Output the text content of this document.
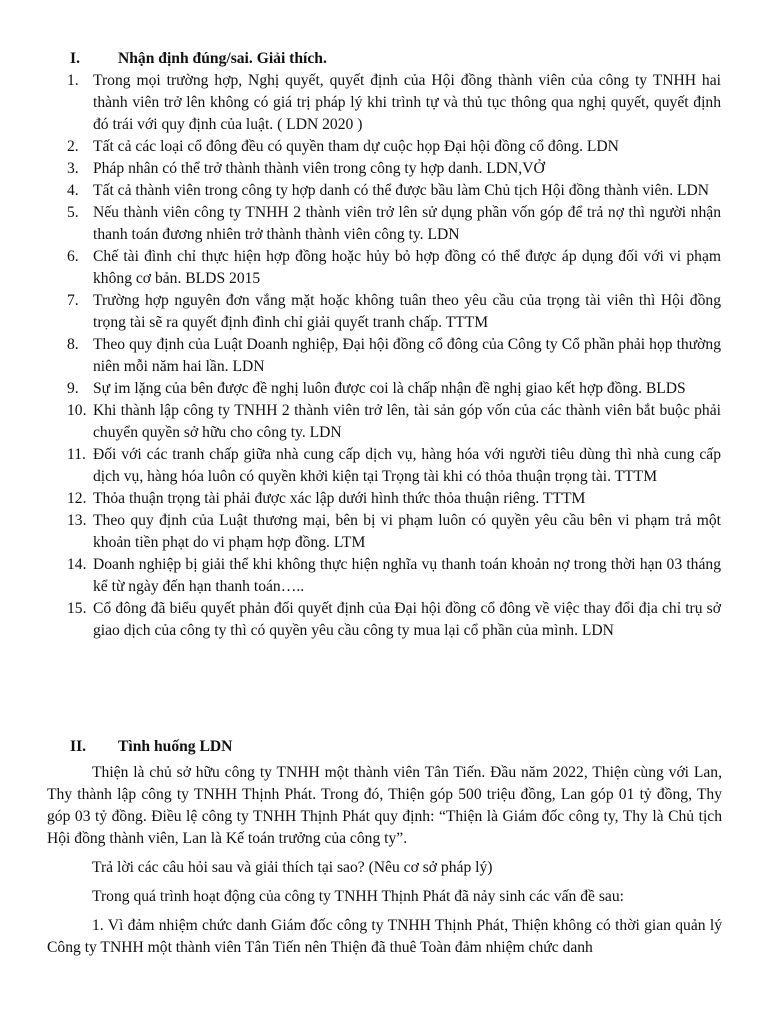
I. Nhận định đúng/sai. Giải thích.
1. Trong mọi trường hợp, Nghị quyết, quyết định của Hội đồng thành viên của công ty TNHH hai thành viên trở lên không có giá trị pháp lý khi trình tự và thủ tục thông qua nghị quyết, quyết định đó trái với quy định của luật. ( LDN 2020 )
2. Tất cả các loại cổ đông đều có quyền tham dự cuộc họp Đại hội đồng cổ đông. LDN
3. Pháp nhân có thể trở thành thành viên trong công ty hợp danh. LDN,VỞ
4. Tất cả thành viên trong công ty hợp danh có thể được bầu làm Chủ tịch Hội đồng thành viên. LDN
5. Nếu thành viên công ty TNHH 2 thành viên trở lên sử dụng phần vốn góp để trả nợ thì người nhận thanh toán đương nhiên trở thành thành viên công ty. LDN
6. Chế tài đình chỉ thực hiện hợp đồng hoặc hủy bỏ hợp đồng có thể được áp dụng đối với vi phạm không cơ bản. BLDS 2015
7. Trường hợp nguyên đơn vắng mặt hoặc không tuân theo yêu cầu của trọng tài viên thì Hội đồng trọng tài sẽ ra quyết định đình chỉ giải quyết tranh chấp. TTTM
8. Theo quy định của Luật Doanh nghiệp, Đại hội đồng cổ đông của Công ty Cổ phần phải họp thường niên mỗi năm hai lần. LDN
9. Sự im lặng của bên được đề nghị luôn được coi là chấp nhận đề nghị giao kết hợp đồng. BLDS
10. Khi thành lập công ty TNHH 2 thành viên trở lên, tài sản góp vốn của các thành viên bắt buộc phải chuyển quyền sở hữu cho công ty. LDN
11. Đối với các tranh chấp giữa nhà cung cấp dịch vụ, hàng hóa với người tiêu dùng thì nhà cung cấp dịch vụ, hàng hóa luôn có quyền khởi kiện tại Trọng tài khi có thỏa thuận trọng tài. TTTM
12. Thỏa thuận trọng tài phải được xác lập dưới hình thức thỏa thuận riêng. TTTM
13. Theo quy định của Luật thương mại, bên bị vi phạm luôn có quyền yêu cầu bên vi phạm trả một khoản tiền phạt do vi phạm hợp đồng. LTM
14. Doanh nghiệp bị giải thể khi không thực hiện nghĩa vụ thanh toán khoản nợ trong thời hạn 03 tháng kể từ ngày đến hạn thanh toán…..
15. Cổ đông đã biểu quyết phản đối quyết định của Đại hội đồng cổ đông về việc thay đổi địa chỉ trụ sở giao dịch của công ty thì có quyền yêu cầu công ty mua lại cổ phần của mình. LDN
II. Tình huống LDN

Thiện là chủ sở hữu công ty TNHH một thành viên Tân Tiến. Đầu năm 2022, Thiện cùng với Lan, Thy thành lập công ty TNHH Thịnh Phát. Trong đó, Thiện góp 500 triệu đồng, Lan góp 01 tỷ đồng, Thy góp 03 tỷ đồng. Điều lệ công ty TNHH Thịnh Phát quy định: “Thiện là Giám đốc công ty, Thy là Chủ tịch Hội đồng thành viên, Lan là Kế toán trưởng của công ty”.

Trả lời các câu hỏi sau và giải thích tại sao? (Nêu cơ sở pháp lý)

Trong quá trình hoạt động của công ty TNHH Thịnh Phát đã nảy sinh các vấn đề sau:

1. Vì đảm nhiệm chức danh Giám đốc công ty TNHH Thịnh Phát, Thiện không có thời gian quản lý Công ty TNHH một thành viên Tân Tiến nên Thiện đã thuê Toàn đảm nhiệm chức danh
